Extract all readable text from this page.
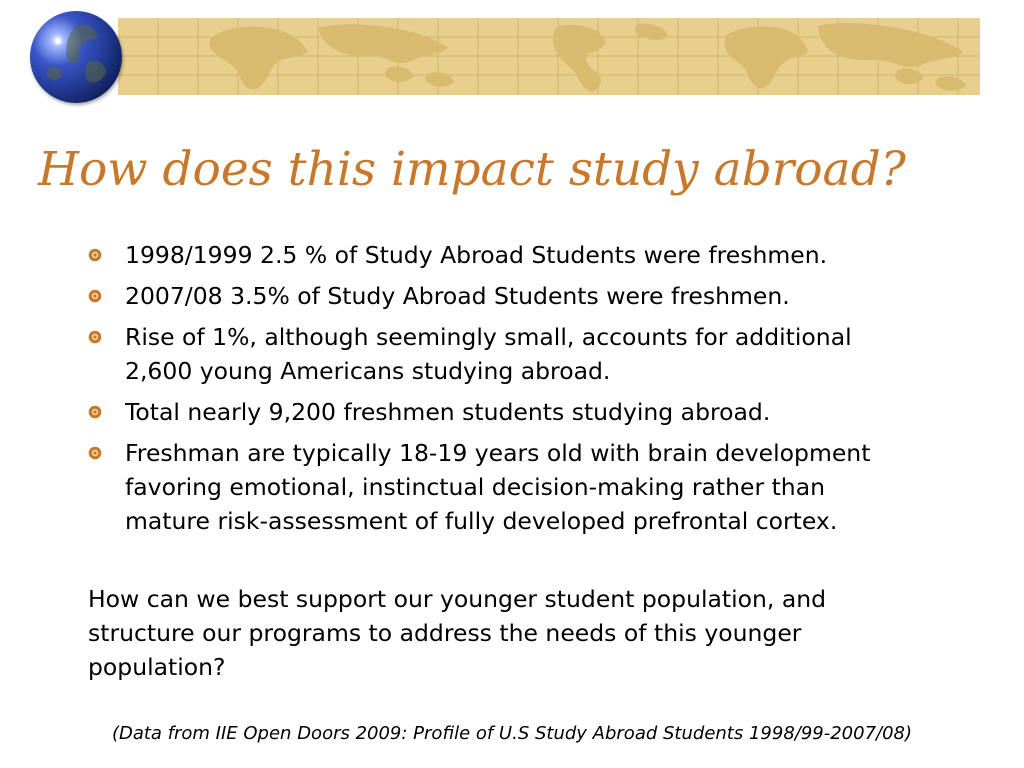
How does this impact study abroad?
1998/1999 2.5 % of Study Abroad Students were freshmen.
2007/08 3.5% of Study Abroad Students were freshmen.
Rise of 1%, although seemingly small, accounts for additional
2,600 young Americans studying abroad.
Total nearly 9,200 freshmen students studying abroad.
Freshman are typically 18-19 years old with brain development
favoring emotional, instinctual decision-making rather than
mature risk-assessment of fully developed prefrontal cortex.
How can we best support our younger student population, and
structure our programs to address the needs of this younger
population?
(Data from IIE Open Doors 2009: Profile of U.S Study Abroad Students 1998/99-2007/08)
